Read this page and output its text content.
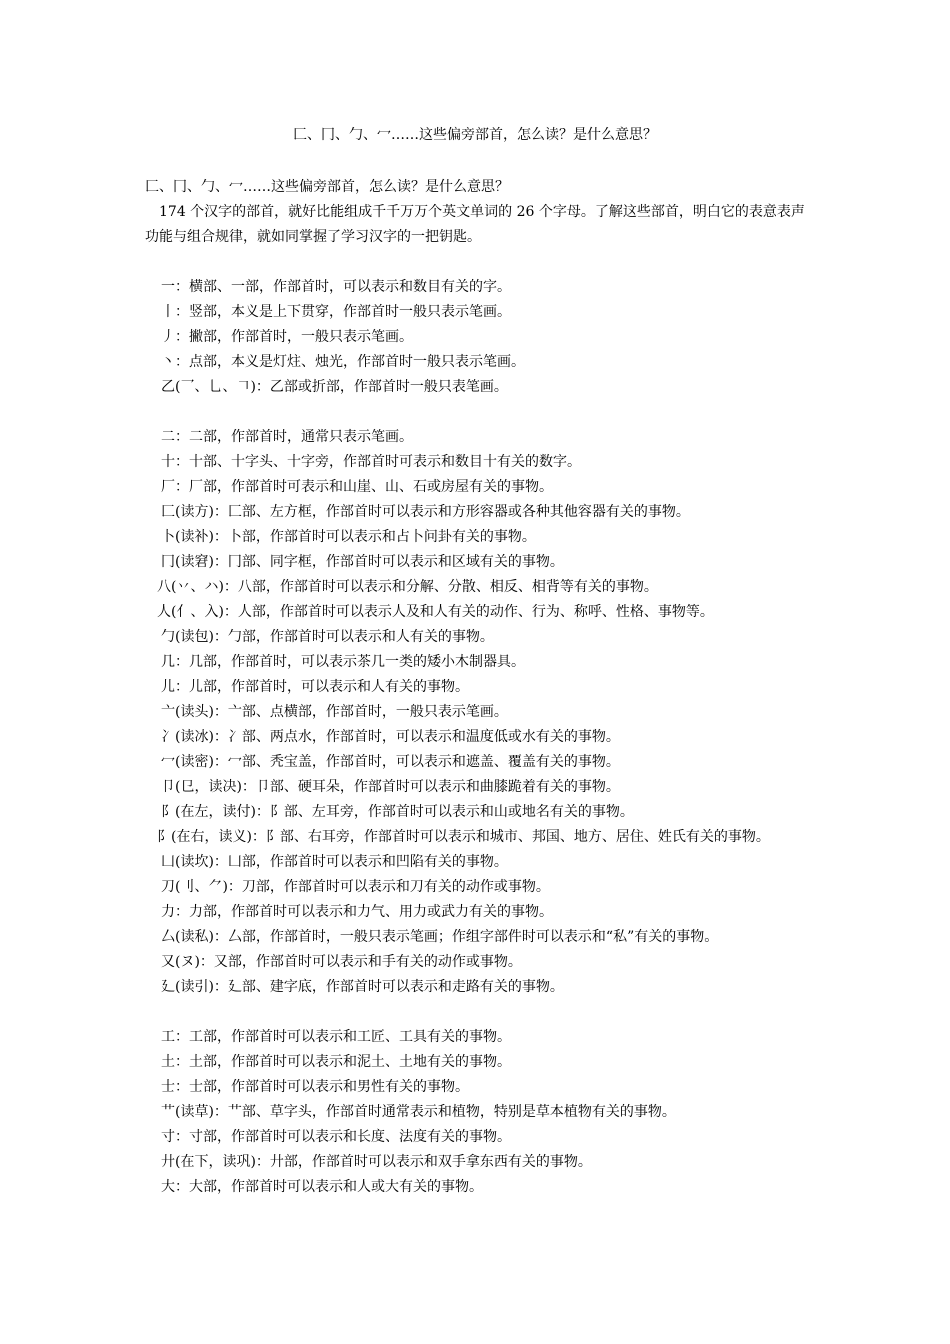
匚、冂、勹、冖……这些偏旁部首，怎么读？是什么意思？

匚、冂、勹、冖……这些偏旁部首，怎么读？是什么意思？

174 个汉字的部首，就好比能组成千千万万个英文单词的 26 个字母。了解这些部首，明白它的表意表声功能与组合规律，就如同掌握了学习汉字的一把钥匙。

一：横部、一部，作部首时，可以表示和数目有关的字。

丨：竖部，本义是上下贯穿，作部首时一般只表示笔画。

丿：撇部，作部首时，一般只表示笔画。

丶：点部，本义是灯炷、烛光，作部首时一般只表示笔画。

乙(乛、乚、𠃍)：乙部或折部，作部首时一般只表笔画。

二：二部，作部首时，通常只表示笔画。

十：十部、十字头、十字旁，作部首时可表示和数目十有关的数字。

厂：厂部，作部首时可表示和山崖、山、石或房屋有关的事物。

匚(读方)：匚部、左方框，作部首时可以表示和方形容器或各种其他容器有关的事物。

卜(读补)：卜部，作部首时可以表示和占卜问卦有关的事物。

冂(读窘)：冂部、同字框，作部首时可以表示和区域有关的事物。

八(丷、ハ)：八部，作部首时可以表示和分解、分散、相反、相背等有关的事物。

人(亻、入)：人部，作部首时可以表示人及和人有关的动作、行为、称呼、性格、事物等。

勹(读包)：勹部，作部首时可以表示和人有关的事物。

几：几部，作部首时，可以表示茶几一类的矮小木制器具。

儿：儿部，作部首时，可以表示和人有关的事物。

亠(读头)：亠部、点横部，作部首时，一般只表示笔画。

冫(读冰)：冫部、两点水，作部首时，可以表示和温度低或水有关的事物。

冖(读密)：冖部、秃宝盖，作部首时，可以表示和遮盖、覆盖有关的事物。

卩(㔾，读决)：卩部、硬耳朵，作部首时可以表示和曲膝跪着有关的事物。

阝(在左，读付)：阝部、左耳旁，作部首时可以表示和山或地名有关的事物。

阝(在右，读义)：阝部、右耳旁，作部首时可以表示和城市、邦国、地方、居住、姓氏有关的事物。

凵(读坎)：凵部，作部首时可以表示和凹陷有关的事物。

刀(刂、⺈)：刀部，作部首时可以表示和刀有关的动作或事物。

力：力部，作部首时可以表示和力气、用力或武力有关的事物。

厶(读私)：厶部，作部首时，一般只表示笔画；作组字部件时可以表示和“私”有关的事物。

又(ヌ)：又部，作部首时可以表示和手有关的动作或事物。

廴(读引)：廴部、建字底，作部首时可以表示和走路有关的事物。

工：工部，作部首时可以表示和工匠、工具有关的事物。

土：土部，作部首时可以表示和泥土、土地有关的事物。

士：士部，作部首时可以表示和男性有关的事物。

艹(读草)：艹部、草字头，作部首时通常表示和植物，特别是草本植物有关的事物。

寸：寸部，作部首时可以表示和长度、法度有关的事物。

廾(在下，读巩)：廾部，作部首时可以表示和双手拿东西有关的事物。

大：大部，作部首时可以表示和人或大有关的事物。
